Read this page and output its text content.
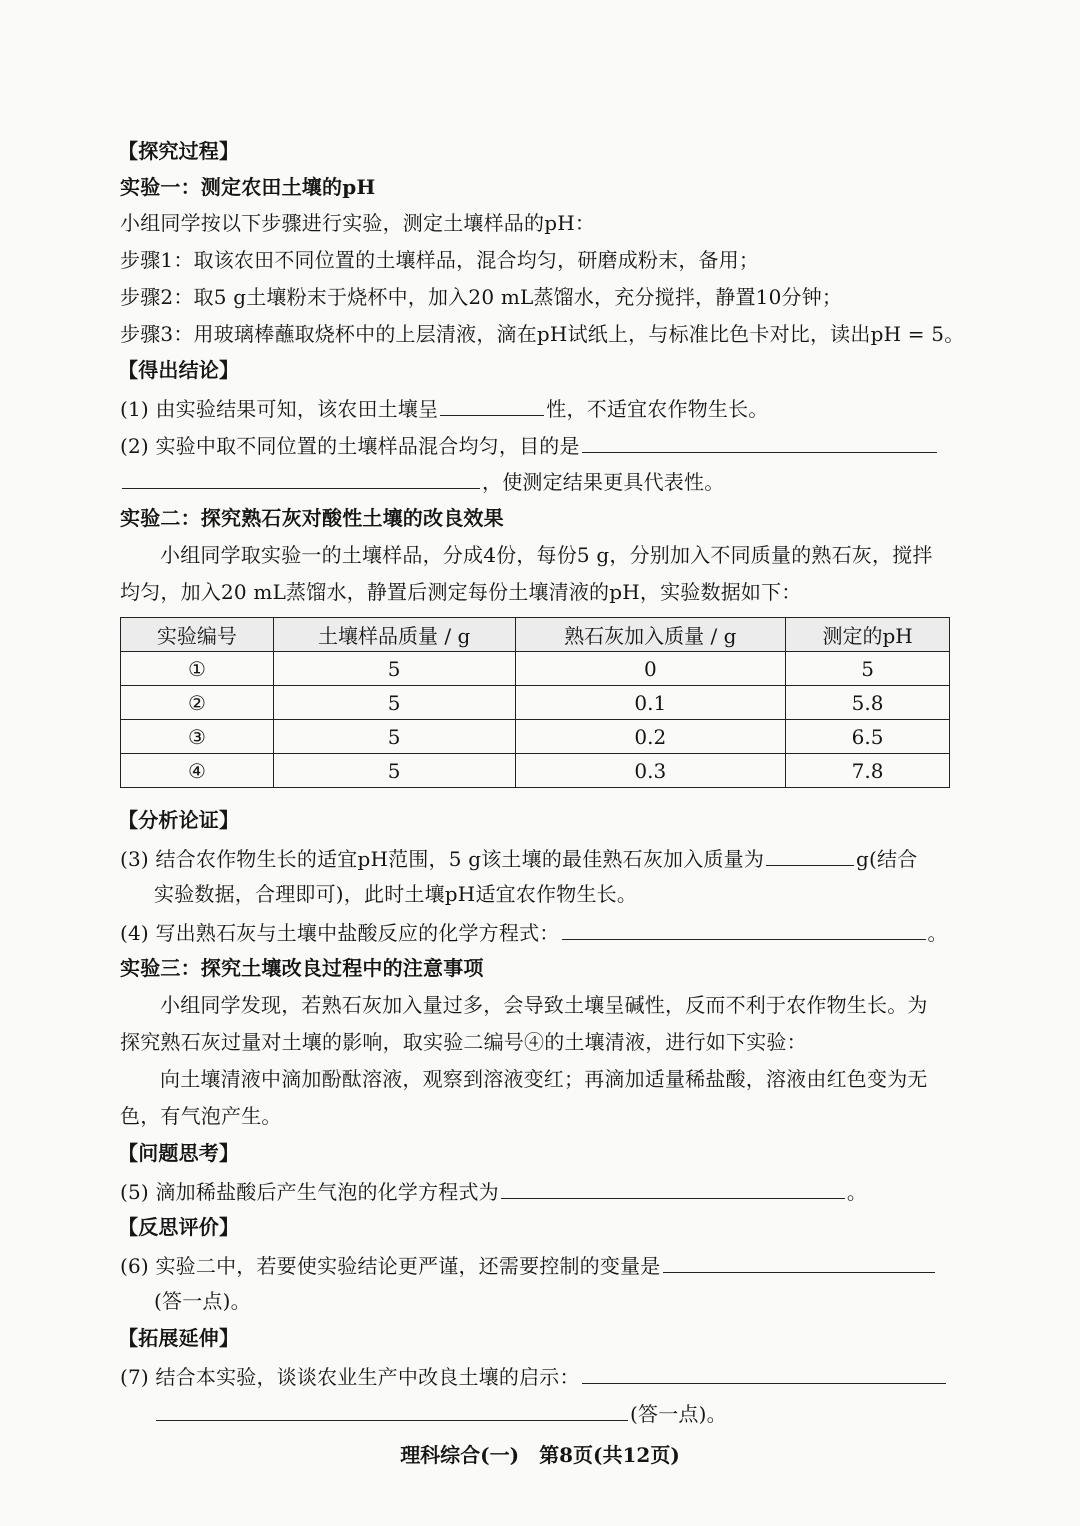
【探究过程】
实验一：测定农田土壤的pH
小组同学按以下步骤进行实验，测定土壤样品的pH：
步骤1：取该农田不同位置的土壤样品，混合均匀，研磨成粉末，备用；
步骤2：取5 g土壤粉末于烧杯中，加入20 mL蒸馏水，充分搅拌，静置10分钟；
步骤3：用玻璃棒蘸取烧杯中的上层清液，滴在pH试纸上，与标准比色卡对比，读出pH = 5。
【得出结论】
(1) 由实验结果可知，该农田土壤呈	性，不适宜农作物生长。
(2) 实验中取不同位置的土壤样品混合均匀，目的是
，使测定结果更具代表性。
实验二：探究熟石灰对酸性土壤的改良效果
小组同学取实验一的土壤样品，分成4份，每份5 g，分别加入不同质量的熟石灰，搅拌
均匀，加入20 mL蒸馏水，静置后测定每份土壤清液的pH，实验数据如下：
实验编号	土壤样品质量 / g	熟石灰加入质量 / g	测定的pH
①	5	0	5
②	5	0.1	5.8
③	5	0.2	6.5
④	5	0.3	7.8
【分析论证】
(3) 结合农作物生长的适宜pH范围，5 g该土壤的最佳熟石灰加入质量为	g(结合
实验数据，合理即可)，此时土壤pH适宜农作物生长。
(4) 写出熟石灰与土壤中盐酸反应的化学方程式：	。
实验三：探究土壤改良过程中的注意事项
小组同学发现，若熟石灰加入量过多，会导致土壤呈碱性，反而不利于农作物生长。为
探究熟石灰过量对土壤的影响，取实验二编号④的土壤清液，进行如下实验：
向土壤清液中滴加酚酞溶液，观察到溶液变红；再滴加适量稀盐酸，溶液由红色变为无
色，有气泡产生。
【问题思考】
(5) 滴加稀盐酸后产生气泡的化学方程式为	。
【反思评价】
(6) 实验二中，若要使实验结论更严谨，还需要控制的变量是
(答一点)。
【拓展延伸】
(7) 结合本实验，谈谈农业生产中改良土壤的启示：
(答一点)。
理科综合(一)　第8页(共12页)
